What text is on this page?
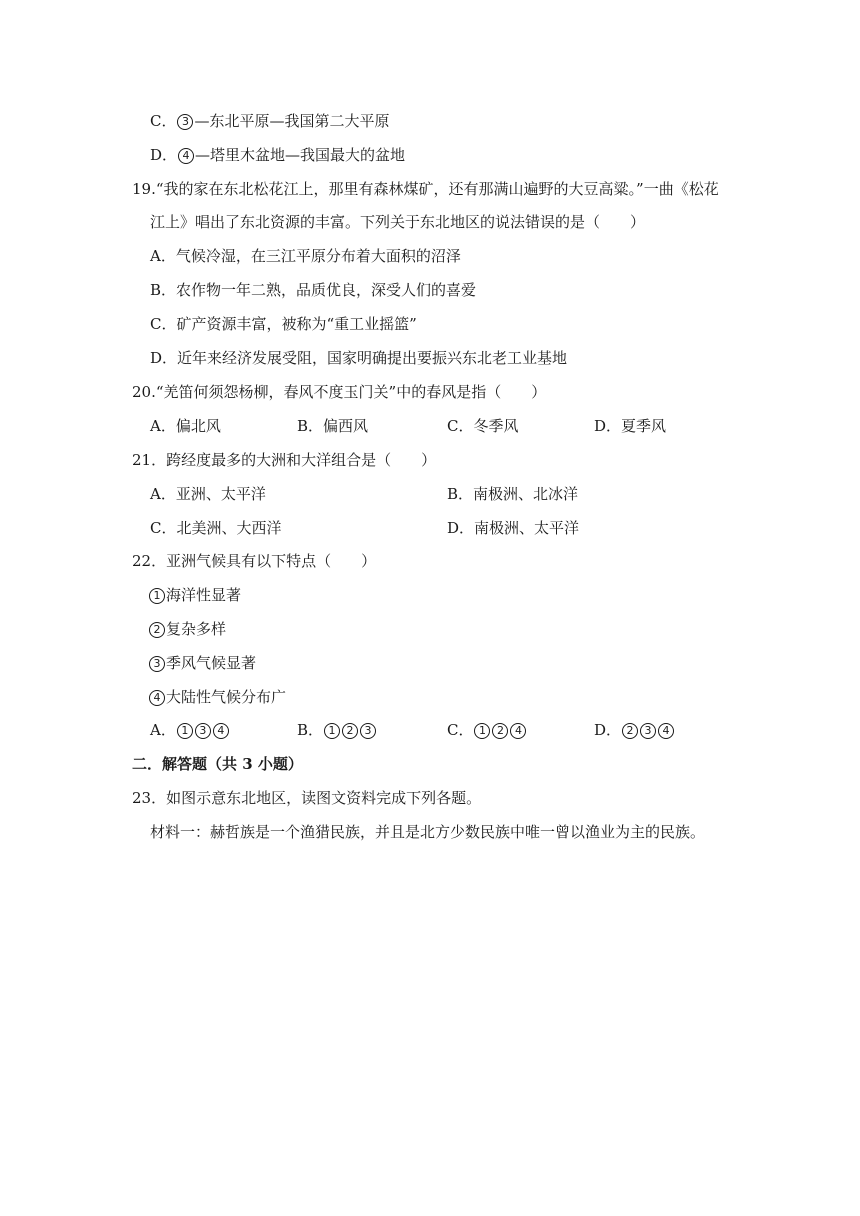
C． 3 —东北平原—我国第二大平原
D． 4 —塔里木盆地—我国最大的盆地
19.“我的家在东北松花江上，那里有森林煤矿，还有那满山遍野的大豆高粱。”一曲《松花
江上》唱出了东北资源的丰富。下列关于东北地区的说法错误的是（　　）
A．气候冷湿，在三江平原分布着大面积的沼泽
B．农作物一年二熟，品质优良，深受人们的喜爱
C．矿产资源丰富，被称为“重工业摇篮”
D．近年来经济发展受阻，国家明确提出要振兴东北老工业基地
20.“羌笛何须怨杨柳，春风不度玉门关”中的春风是指（　　）
A．偏北风	B．偏西风	C．冬季风	D．夏季风
21．跨经度最多的大洲和大洋组合是（　　）
A．亚洲、太平洋	B．南极洲、北冰洋
C．北美洲、大西洋	D．南极洲、太平洋
22．亚洲气候具有以下特点（　　）
1 海洋性显著
2 复杂多样
3 季风气候显著
4 大陆性气候分布广
A． 1 3 4	B． 1 2 3	C． 1 2 4	D． 2 3 4
二．解答题（共 3 小题）
23．如图示意东北地区，读图文资料完成下列各题。
材料一：赫哲族是一个渔猎民族，并且是北方少数民族中唯一曾以渔业为主的民族。
